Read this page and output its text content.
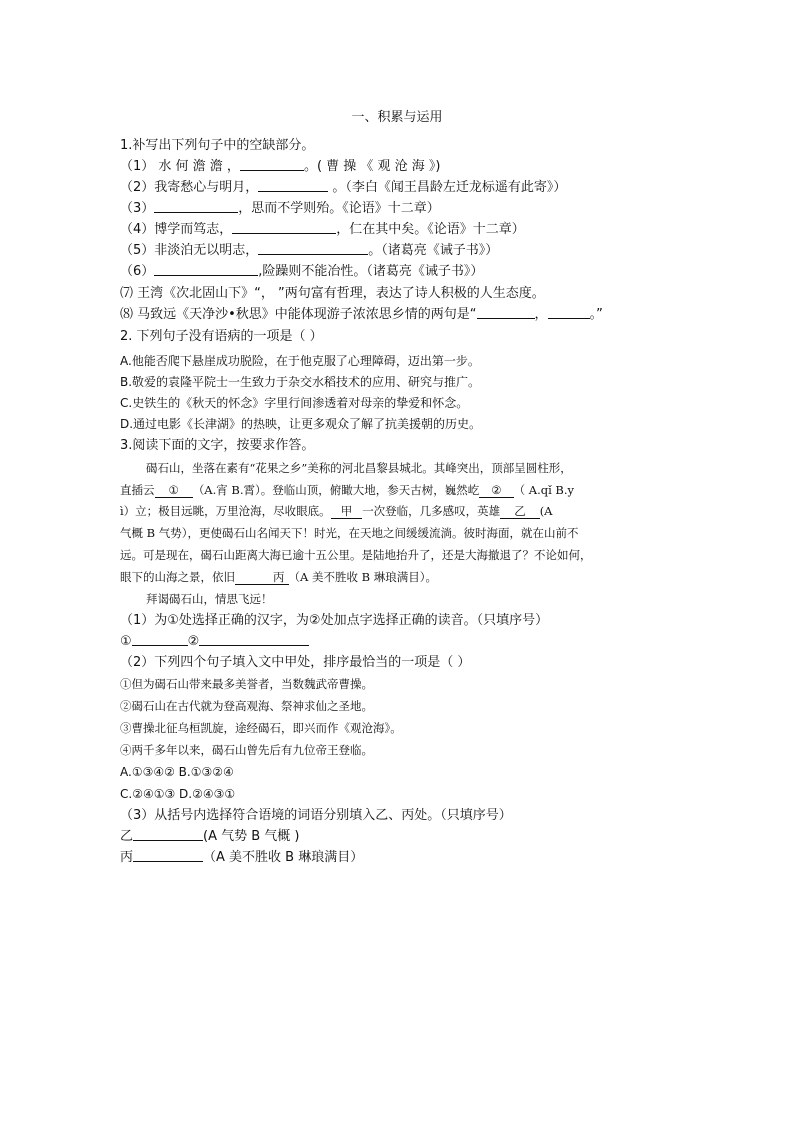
一、积累与运用
1.补写出下列句子中的空缺部分。
（1） 水 何 澹 澹 ，	。( 曹 操 《 观 沧 海 》)
（2）我寄愁心与明月，	。（李白《闻王昌龄左迁龙标遥有此寄》）
（3）	，思而不学则殆。《论语》十二章）
（4）博学而笃志，	，仁在其中矣。《论语》十二章）
（5）非淡泊无以明志，	。（诸葛亮《诫子书》）
（6）	,险躁则不能冶性。（诸葛亮《诫子书》）
⑺ 王湾《次北固山下》“， ”两句富有哲理，表达了诗人积极的人生态度。
⑻ 马致远《天净沙•秋思》中能体现游子浓浓思乡情的两句是“	，	。”
2. 下列句子没有语病的一项是（ ）
A.他能否爬下悬崖成功脱险，在于他克服了心理障碍，迈出第一步。
B.敬爱的袁隆平院士一生致力于杂交水稻技术的应用、研究与推广。
C.史铁生的《秋天的怀念》字里行间渗透着对母亲的挚爱和怀念。
D.通过电影《长津湖》的热映，让更多观众了解了抗美援朝的历史。
3.阅读下面的文字，按要求作答。
碣石山，坐落在素有“花果之乡”美称的河北昌黎县城北。其峰突出，顶部呈圆柱形，
直插云 ① （A.宵 B.霄）。登临山顶，俯瞰大地，参天古树，巍然屹 ② （ A.qǐ B.y
ì）立；极目远眺，万里沧海，尽收眼底。 甲 一次登临，几多感叹，英雄 乙 (A
气概 B 气势），更使碣石山名闻天下！时光，在天地之间缓缓流淌。彼时海面，就在山前不
远。可是现在，碣石山距离大海已逾十五公里。是陆地抬升了，还是大海撤退了？不论如何，
眼下的山海之景，依旧	丙 （A 美不胜收 B 琳琅满目）。
拜谒碣石山，情思飞远！
（1）为①处选择正确的汉字，为②处加点字选择正确的读音。（只填序号）
①	②
（2）下列四个句子填入文中甲处，排序最恰当的一项是（ ）
①但为碣石山带来最多美誉者，当数魏武帝曹操。
②碣石山在古代就为登高观海、祭神求仙之圣地。
③曹操北征乌桓凯旋，途经碣石，即兴而作《观沧海》。
④两千多年以来，碣石山曾先后有九位帝王登临。
A.①③④② B.①③②④
C.②④①③ D.②④③①
（3）从括号内选择符合语境的词语分别填入乙、丙处。（只填序号）
乙	(A 气势 B 气概 )
丙	（A 美不胜收 B 琳琅满目）
